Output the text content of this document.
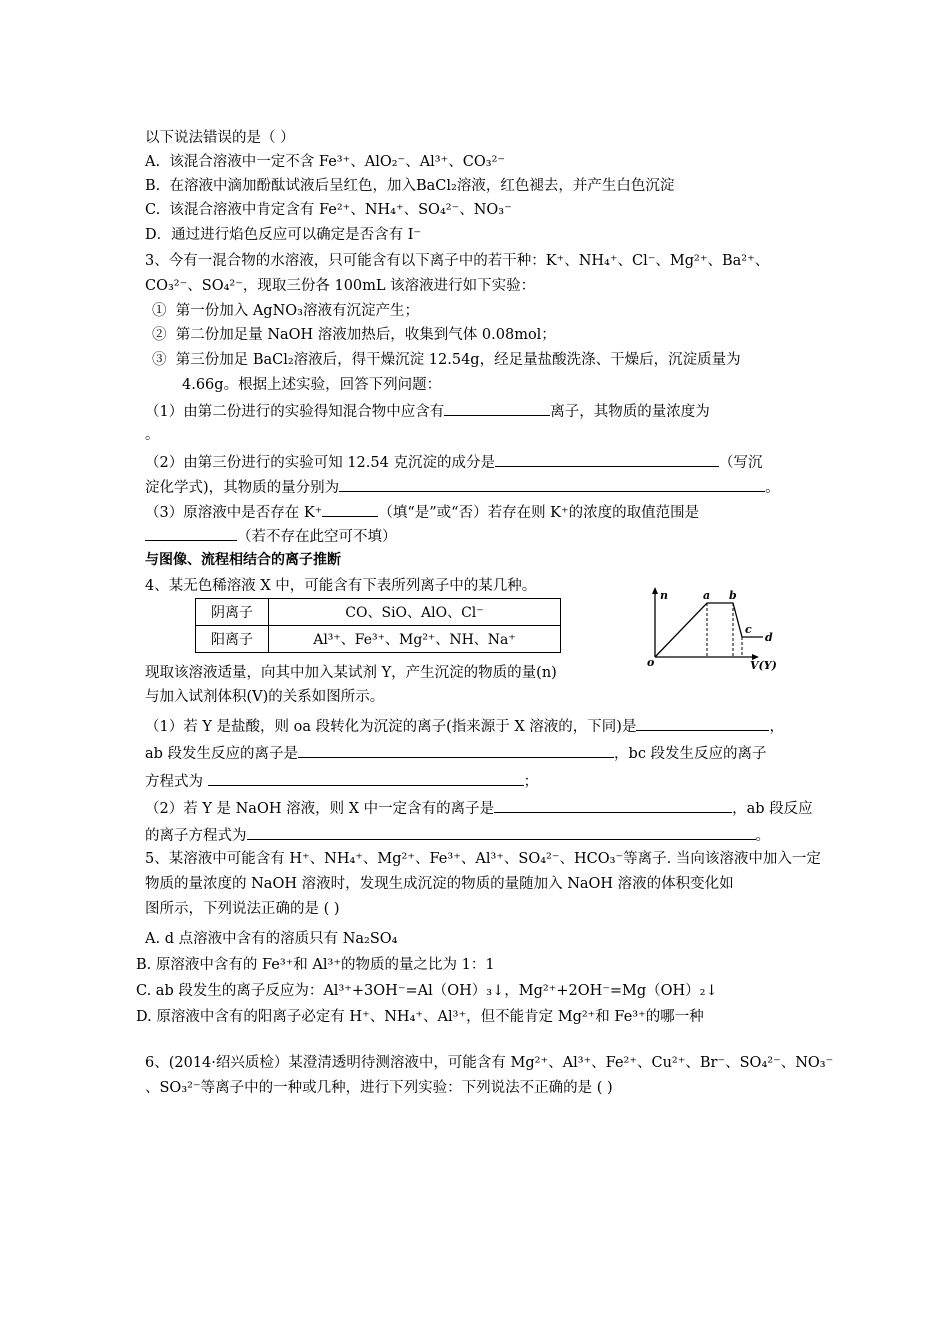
以下说法错误的是（ ）
A. 该混合溶液中一定不含 Fe³⁺、AlO₂⁻、Al³⁺、CO₃²⁻
B. 在溶液中滴加酚酞试液后呈红色，加入BaCl₂溶液，红色褪去，并产生白色沉淀
C. 该混合溶液中肯定含有 Fe²⁺、NH₄⁺、SO₄²⁻、NO₃⁻
D．通过进行焰色反应可以确定是否含有 I⁻
3、今有一混合物的水溶液，只可能含有以下离子中的若干种：K⁺、NH₄⁺、Cl⁻、Mg²⁺、Ba²⁺、
CO₃²⁻、SO₄²⁻，现取三份各 100mL 该溶液进行如下实验：
① 第一份加入 AgNO₃溶液有沉淀产生；
② 第二份加足量 NaOH 溶液加热后，收集到气体 0.08mol；
③ 第三份加足 BaCl₂溶液后，得干燥沉淀 12.54g，经足量盐酸洗涤、干燥后，沉淀质量为
4.66g。根据上述实验，回答下列问题：
（1）由第二份进行的实验得知混合物中应含有	离子，其物质的量浓度为
。
（2）由第三份进行的实验可知 12.54 克沉淀的成分是	（写沉
淀化学式)，其物质的量分别为	。
（3）原溶液中是否存在 K⁺	（填“是”或“否）若存在则 K⁺的浓度的取值范围是
（若不存在此空可不填）
与图像、流程相结合的离子推断
4、某无色稀溶液 X 中，可能含有下表所列离子中的某几种。
阴离子	CO、SiO、AlO、Cl⁻
阳离子	Al³⁺、Fe³⁺、Mg²⁺、NH、Na⁺
n
o
a b
c
d
V(Y)
现取该溶液适量，向其中加入某试剂 Y，产生沉淀的物质的量(n)
与加入试剂体积(V)的关系如图所示。
（1）若 Y 是盐酸，则 oa 段转化为沉淀的离子(指来源于 X 溶液的，下同)是	，
ab 段发生反应的离子是	，bc 段发生反应的离子
方程式为	；
（2）若 Y 是 NaOH 溶液，则 X 中一定含有的离子是	，ab 段反应
的离子方程式为	。
5、某溶液中可能含有 H⁺、NH₄⁺、Mg²⁺、Fe³⁺、Al³⁺、SO₄²⁻、HCO₃⁻等离子. 当向该溶液中加入一定
物质的量浓度的 NaOH 溶液时，发现生成沉淀的物质的量随加入 NaOH 溶液的体积变化如
图所示，下列说法正确的是 ( )
A. d 点溶液中含有的溶质只有 Na₂SO₄
B. 原溶液中含有的 Fe³⁺和 Al³⁺的物质的量之比为 1：1
C. ab 段发生的离子反应为：Al³⁺+3OH⁻=Al（OH）₃↓，Mg²⁺+2OH⁻=Mg（OH）₂↓
D. 原溶液中含有的阳离子必定有 H⁺、NH₄⁺、Al³⁺，但不能肯定 Mg²⁺和 Fe³⁺的哪一种
6、(2014·绍兴质检）某澄清透明待测溶液中，可能含有 Mg²⁺、Al³⁺、Fe²⁺、Cu²⁺、Br⁻、SO₄²⁻、NO₃⁻
、SO₃²⁻等离子中的一种或几种，进行下列实验：下列说法不正确的是 ( )
